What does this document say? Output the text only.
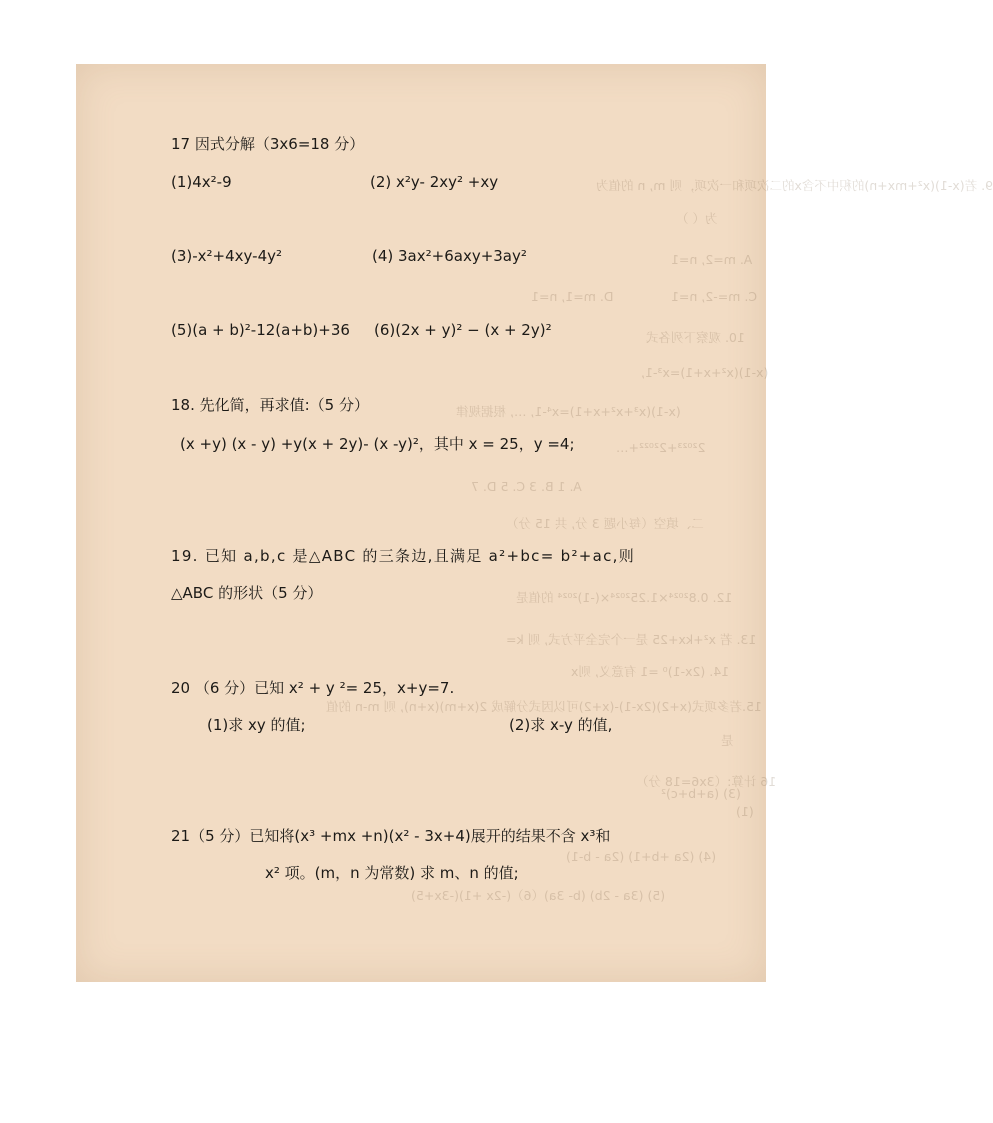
9. 若(x-1)(x²+mx+n)的积中不含x的二次项和一次项，则 m, n 的值为
为（ ）
A. m=2, n=1
C. m=-2, n=1
D. m=1, n=1
10. 观察下列各式
(x-1)(x²+x+1)=x³-1,
(x-1)(x³+x²+x+1)=x⁴-1, …, 根据规律
2²⁰²³+2²⁰²²+…
A. 1 B. 3 C. 5 D. 7
二、填空（每小题 3 分, 共 15 分）
12. 0.8²⁰²⁴×1.25²⁰²⁴×(-1)²⁰²⁴ 的值是
13. 若 x²+kx+25 是一个完全平方式, 则 k=
14. (2x-1)⁰ =1 有意义, 则x
15.若多项式(x+2)(2x-1)-(x+2)可以因式分解成 2(x+m)(x+n), 则 m-n 的值
是
16 计算:（3x6=18 分）
(1)
(3) (a+b+c)²
(4) (2a +b+1) (2a - b-1)
(5) (3a - 2b) (b- 3a)（6）(-2x +1)(-3x+5)
17 因式分解（3x6=18 分）
(1)4x²-9	(2) x²y- 2xy² +xy
(3)-x²+4xy-4y²	(4) 3ax²+6axy+3ay²
(5)(a + b)²-12(a+b)+36 (6)(2x + y)² − (x + 2y)²
18. 先化简，再求值:（5 分）
(x +y) (x - y) +y(x + 2y)- (x -y)²，其中 x = 25，y =4;
19. 已知 a,b,c 是△ABC 的三条边,且满足 a²+bc= b²+ac,则
△ABC 的形状（5 分）
20 （6 分）已知 x² + y ²= 25，x+y=7.
(1)求 xy 的值;	(2)求 x-y 的值,
21（5 分）已知将(x³ +mx +n)(x² - 3x+4)展开的结果不含 x³和
x² 项。(m，n 为常数) 求 m、n 的值;
